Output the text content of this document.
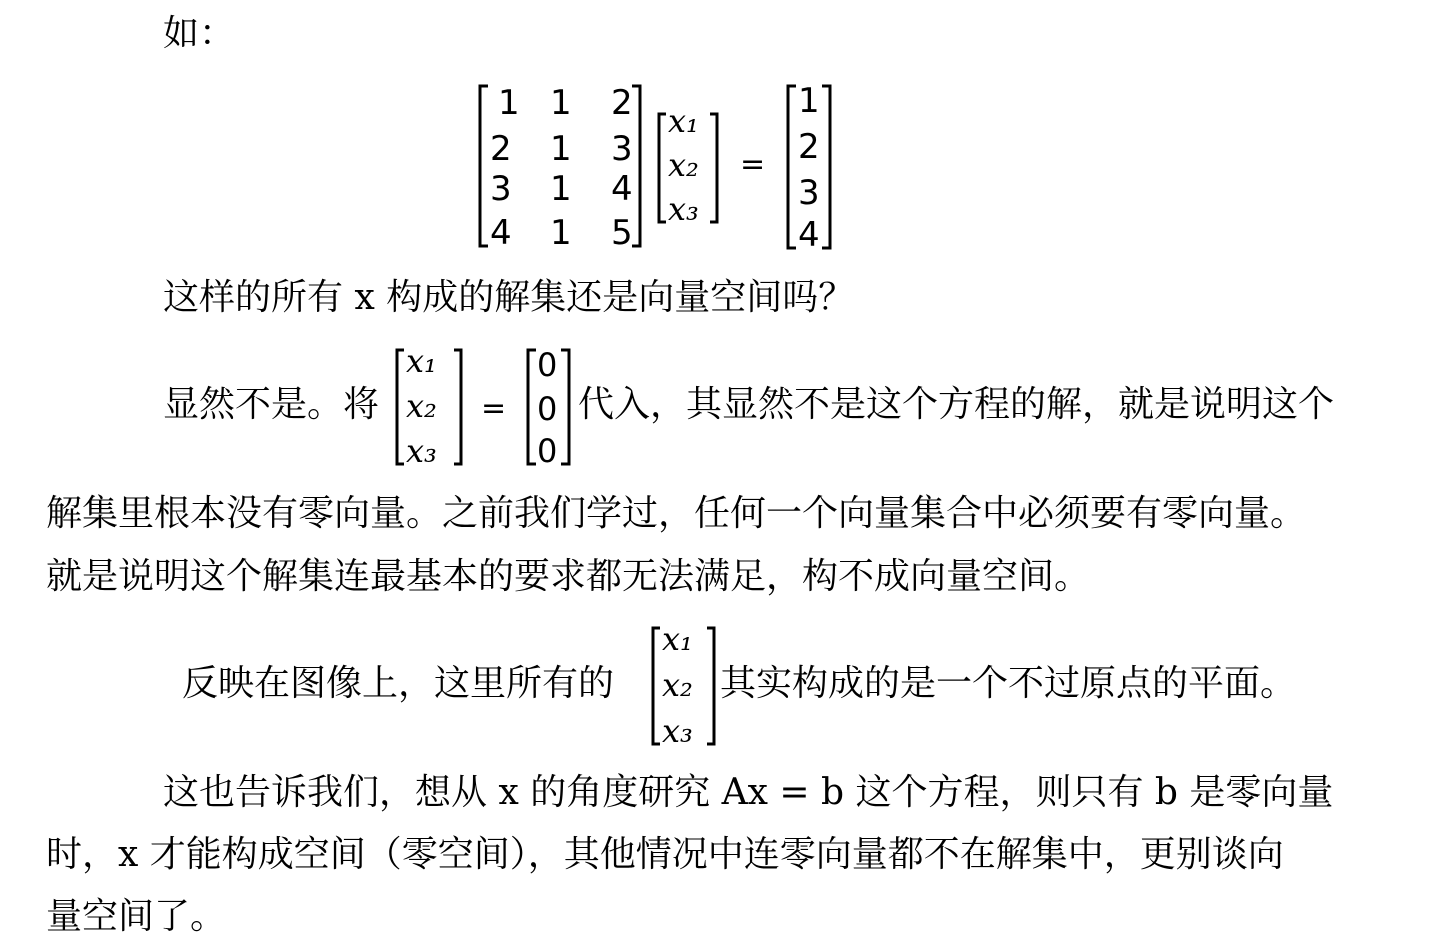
如：
1 1 2
2 1 3
3 1 4
4 1 5
x₁
x₂
x₃
=
1
2
3
4
这样的所有 x 构成的解集还是向量空间吗？
显然不是。将
x₁
x₂
x₃
=
0
0
0
代入，其显然不是这个方程的解，就是说明这个
解集里根本没有零向量。之前我们学过，任何一个向量集合中必须要有零向量。
就是说明这个解集连最基本的要求都无法满足，构不成向量空间。
反映在图像上，这里所有的
x₁
x₂
x₃
其实构成的是一个不过原点的平面。
这也告诉我们，想从 x 的角度研究 Ax = b 这个方程，则只有 b 是零向量
时，x 才能构成空间（零空间），其他情况中连零向量都不在解集中，更别谈向
量空间了。
